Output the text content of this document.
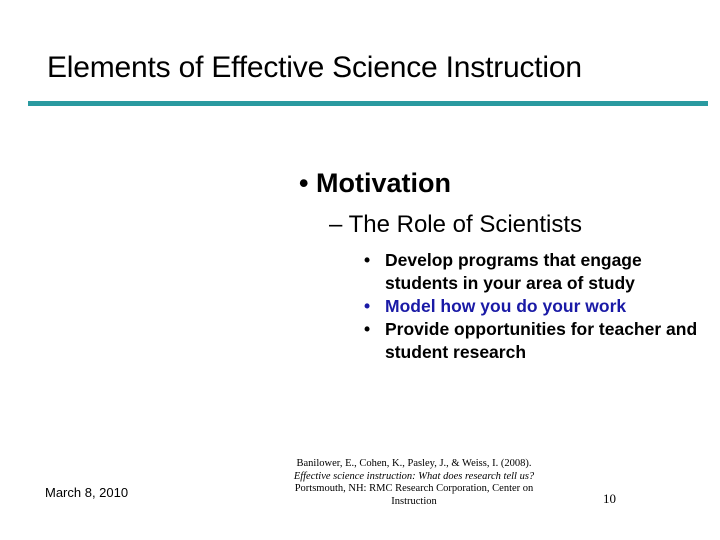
Elements of Effective Science Instruction
• Motivation
– The Role of Scientists
• Develop programs that engage students in your area of study
• Model how you do your work
• Provide opportunities for teacher and student research
March 8, 2010
Banilower, E., Cohen, K., Pasley, J., & Weiss, I. (2008). Effective science instruction: What does research tell us? Portsmouth, NH: RMC Research Corporation, Center on Instruction	10
